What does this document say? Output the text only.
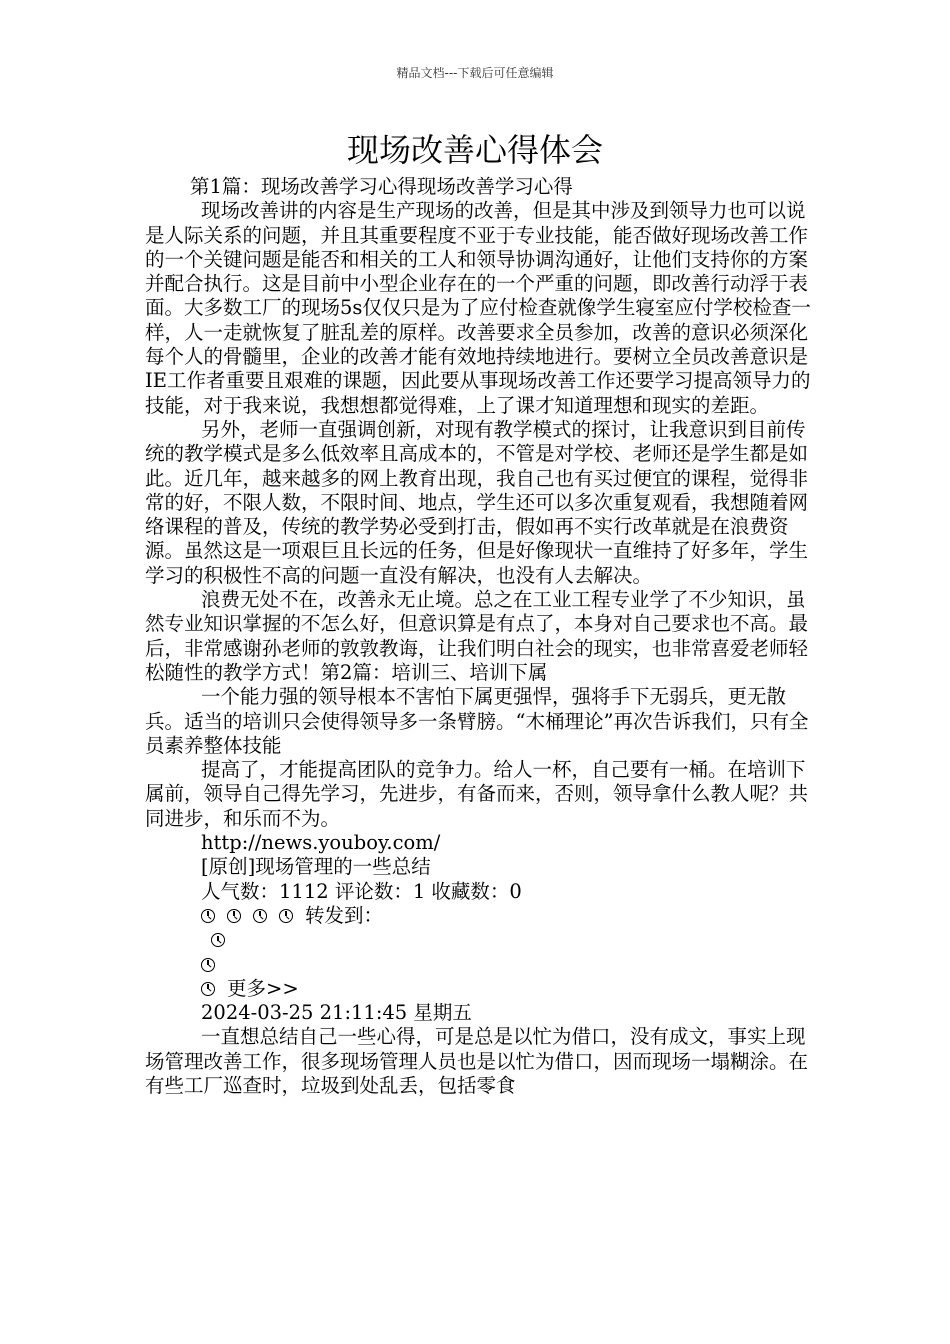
精品文档---下载后可任意编辑
现场改善心得体会

第1篇：现场改善学习心得现场改善学习心得

现场改善讲的内容是生产现场的改善，但是其中涉及到领导力也可以说是人际关系的问题，并且其重要程度不亚于专业技能，能否做好现场改善工作的一个关键问题是能否和相关的工人和领导协调沟通好，让他们支持你的方案并配合执行。这是目前中小型企业存在的一个严重的问题，即改善行动浮于表面。大多数工厂的现场5s仅仅只是为了应付检查就像学生寝室应付学校检查一样，人一走就恢复了脏乱差的原样。改善要求全员参加，改善的意识必须深化每个人的骨髓里，企业的改善才能有效地持续地进行。要树立全员改善意识是IE工作者重要且艰难的课题，因此要从事现场改善工作还要学习提高领导力的技能，对于我来说，我想想都觉得难，上了课才知道理想和现实的差距。

另外，老师一直强调创新，对现有教学模式的探讨，让我意识到目前传统的教学模式是多么低效率且高成本的，不管是对学校、老师还是学生都是如此。近几年，越来越多的网上教育出现，我自己也有买过便宜的课程，觉得非常的好，不限人数，不限时间、地点，学生还可以多次重复观看，我想随着网络课程的普及，传统的教学势必受到打击，假如再不实行改革就是在浪费资源。虽然这是一项艰巨且长远的任务，但是好像现状一直维持了好多年，学生学习的积极性不高的问题一直没有解决，也没有人去解决。

浪费无处不在，改善永无止境。总之在工业工程专业学了不少知识，虽然专业知识掌握的不怎么好，但意识算是有点了，本身对自己要求也不高。最后，非常感谢孙老师的敦敦教诲，让我们明白社会的现实，也非常喜爱老师轻松随性的教学方式！第2篇：培训三、培训下属

一个能力强的领导根本不害怕下属更强悍，强将手下无弱兵，更无散兵。适当的培训只会使得领导多一条臂膀。“木桶理论”再次告诉我们，只有全员素养整体技能

提高了，才能提高团队的竞争力。给人一杯，自己要有一桶。在培训下属前，领导自己得先学习，先进步，有备而来，否则，领导拿什么教人呢？共同进步，和乐而不为。

http://news.youboy.com/

[原创]现场管理的一些总结

人气数：1112 评论数：1 收藏数：0

转发到：

更多>>

2024-03-25 21:11:45 星期五

一直想总结自己一些心得，可是总是以忙为借口，没有成文，事实上现场管理改善工作，很多现场管理人员也是以忙为借口，因而现场一塌糊涂。在有些工厂巡查时，垃圾到处乱丢，包括零食
